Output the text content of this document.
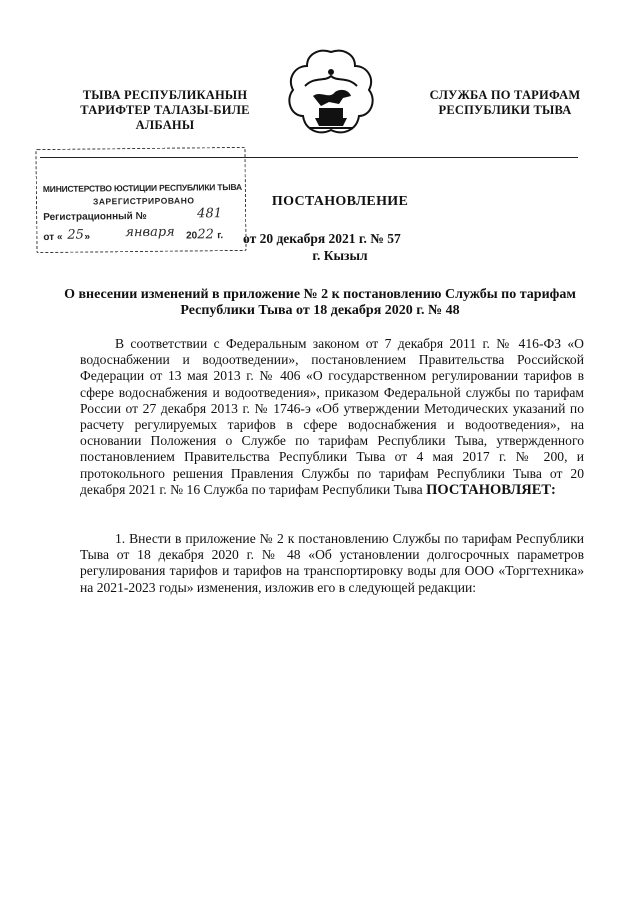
ТЫВА РЕСПУБЛИКАНЫН
ТАРИФТЕР ТАЛАЗЫ-БИЛЕ
АЛБАНЫ
СЛУЖБА ПО ТАРИФАМ
РЕСПУБЛИКИ ТЫВА
МИНИСТЕРСТВО ЮСТИЦИИ РЕСПУБЛИКИ ТЫВА
ЗАРЕГИСТРИРОВАНО
Регистрационный №	481
от « »	20 г.
25	января 22
ПОСТАНОВЛЕНИЕ
от 20 декабря 2021 г. № 57
г. Кызыл
О внесении изменений в приложение № 2 к постановлению Службы по тарифам Республики Тыва от 18 декабря 2020 г. № 48

В соответствии с Федеральным законом от 7 декабря 2011 г. № 416-ФЗ «О водоснабжении и водоотведении», постановлением Правительства Российской Федерации от 13 мая 2013 г. № 406 «О государственном регулировании тарифов в сфере водоснабжения и водоотведения», приказом Федеральной службы по тарифам России от 27 декабря 2013 г. № 1746-э «Об утверждении Методических указаний по расчету регулируемых тарифов в сфере водоснабжения и водоотведения», на основании Положения о Службе по тарифам Республики Тыва, утвержденного постановлением Правительства Республики Тыва от 4 мая 2017 г. № 200, и протокольного решения Правления Службы по тарифам Республики Тыва от 20 декабря 2021 г. № 16 Служба по тарифам Республики Тыва ПОСТАНОВЛЯЕТ:

1. Внести в приложение № 2 к постановлению Службы по тарифам Республики Тыва от 18 декабря 2020 г. № 48 «Об установлении долгосрочных параметров регулирования тарифов и тарифов на транспортировку воды для ООО «Торгтехника» на 2021-2023 годы» изменения, изложив его в следующей редакции:
